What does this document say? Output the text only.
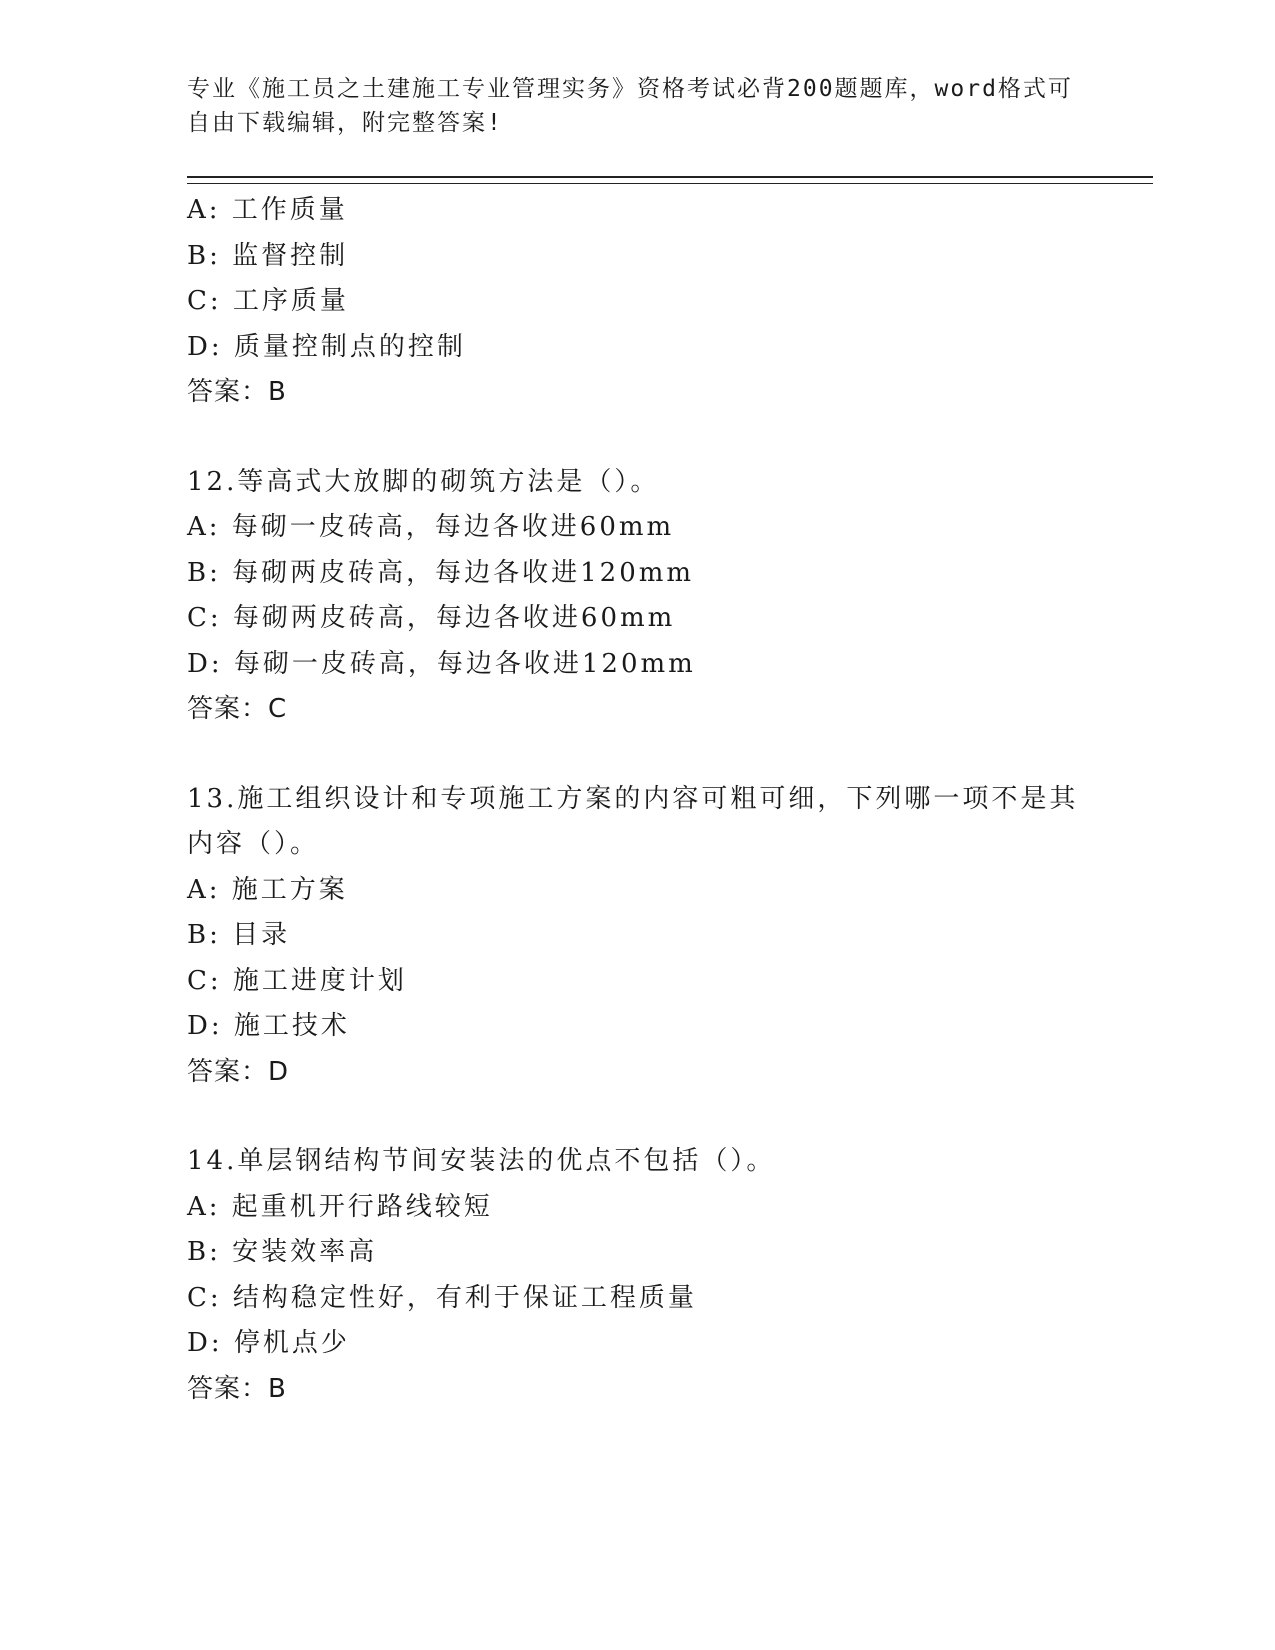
专业《施工员之土建施工专业管理实务》资格考试必背200题题库，word格式可自由下载编辑，附完整答案!
A: 工作质量
B: 监督控制
C: 工序质量
D: 质量控制点的控制
答案：B
12.等高式大放脚的砌筑方法是（）。
A: 每砌一皮砖高，每边各收进60mm
B: 每砌两皮砖高，每边各收进120mm
C: 每砌两皮砖高，每边各收进60mm
D: 每砌一皮砖高，每边各收进120mm
答案：C
13.施工组织设计和专项施工方案的内容可粗可细，下列哪一项不是其内容（）。
A: 施工方案
B: 目录
C: 施工进度计划
D: 施工技术
答案：D
14.单层钢结构节间安装法的优点不包括（）。
A: 起重机开行路线较短
B: 安装效率高
C: 结构稳定性好，有利于保证工程质量
D: 停机点少
答案：B
